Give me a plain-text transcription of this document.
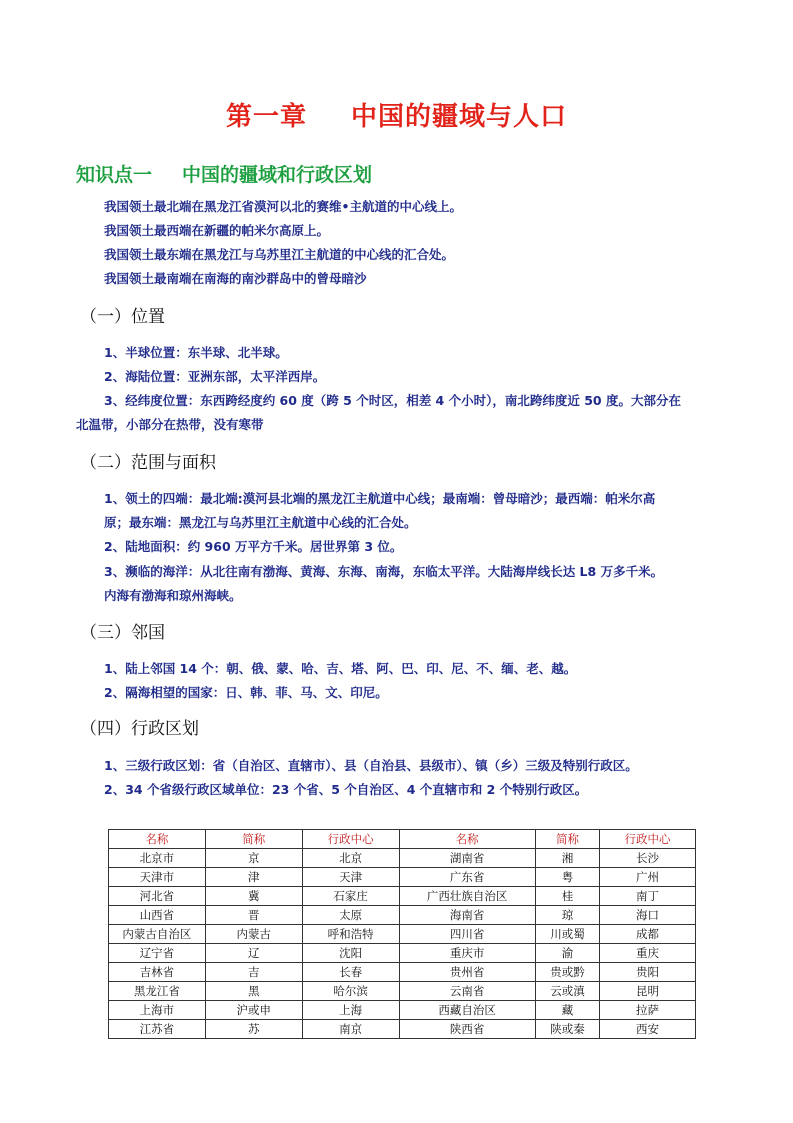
第一章 中国的疆域与人口
知识点一 中国的疆域和行政区划
我国领土最北端在黑龙江省漠河以北的赛维•主航道的中心线上。
我国领土最西端在新疆的帕米尔高原上。
我国领土最东端在黑龙江与乌苏里江主航道的中心线的汇合处。
我国领土最南端在南海的南沙群岛中的曾母暗沙
（一）位置
1、半球位置：东半球、北半球。
2、海陆位置：亚洲东部，太平洋西岸。
3、经纬度位置：东西跨经度约 60 度（跨 5 个时区，相差 4 个小时），南北跨纬度近 50 度。大部分在
北温带，小部分在热带，没有寒带
（二）范围与面积
1、领土的四端：最北端:漠河县北端的黑龙江主航道中心线；最南端：曾母暗沙；最西端：帕米尔高
原；最东端：黑龙江与乌苏里江主航道中心线的汇合处。
2、陆地面积：约 960 万平方千米。居世界第 3 位。
3、濒临的海洋：从北往南有渤海、黄海、东海、南海，东临太平洋。大陆海岸线长达 L8 万多千米。
内海有渤海和琼州海峡。
（三）邻国
1、陆上邻国 14 个：朝、俄、蒙、哈、吉、塔、阿、巴、印、尼、不、缅、老、越。
2、隔海相望的国家：日、韩、菲、马、文、印尼。
（四）行政区划
1、三级行政区划：省（自治区、直辖市）、县（自治县、县级市）、镇（乡）三级及特别行政区。
2、34 个省级行政区域单位：23 个省、5 个自治区、4 个直辖市和 2 个特别行政区。
名称	简称	行政中心	名称	简称	行政中心
北京市	京	北京	湖南省	湘	长沙
天津市	津	天津	广东省	粤	广州
河北省	冀	石家庄	广西壮族自治区	桂	南丁
山西省	晋	太原	海南省	琼	海口
内蒙古自治区	内蒙古	呼和浩特	四川省	川或蜀	成都
辽宁省	辽	沈阳	重庆市	渝	重庆
吉林省	吉	长春	贵州省	贵或黔	贵阳
黑龙江省	黑	哈尔滨	云南省	云或滇	昆明
上海市	沪或申	上海	西藏自治区	藏	拉萨
江苏省	苏	南京	陕西省	陕或秦	西安
